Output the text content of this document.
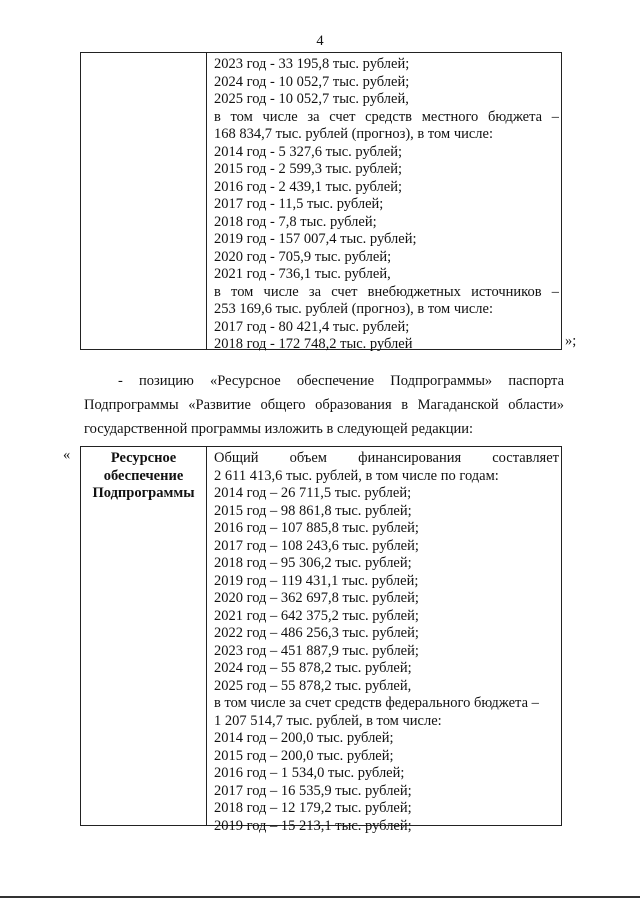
4
2023 год - 33 195,8 тыс. рублей;
2024 год - 10 052,7 тыс. рублей;
2025 год - 10 052,7 тыс. рублей,
в том числе за счет средств местного бюджета –
168 834,7 тыс. рублей (прогноз), в том числе:
2014 год - 5 327,6 тыс. рублей;
2015 год - 2 599,3 тыс. рублей;
2016 год - 2 439,1 тыс. рублей;
2017 год - 11,5 тыс. рублей;
2018 год - 7,8 тыс. рублей;
2019 год - 157 007,4 тыс. рублей;
2020 год - 705,9 тыс. рублей;
2021 год - 736,1 тыс. рублей,
в том числе за счет внебюджетных источников –
253 169,6 тыс. рублей (прогноз), в том числе:
2017 год - 80 421,4 тыс. рублей;
2018 год - 172 748,2 тыс. рублей	»;
- позицию «Ресурсное обеспечение Подпрограммы» паспорта
Подпрограммы «Развитие общего образования в Магаданской области»
государственной программы изложить в следующей редакции:
«	Ресурсное
обеспечение
Подпрограммы
Общий объем финансирования составляет
2 611 413,6 тыс. рублей, в том числе по годам:
2014 год – 26 711,5 тыс. рублей;
2015 год – 98 861,8 тыс. рублей;
2016 год – 107 885,8 тыс. рублей;
2017 год – 108 243,6 тыс. рублей;
2018 год – 95 306,2 тыс. рублей;
2019 год – 119 431,1 тыс. рублей;
2020 год – 362 697,8 тыс. рублей;
2021 год – 642 375,2 тыс. рублей;
2022 год – 486 256,3 тыс. рублей;
2023 год – 451 887,9 тыс. рублей;
2024 год – 55 878,2 тыс. рублей;
2025 год – 55 878,2 тыс. рублей,
в том числе за счет средств федерального бюджета –
1 207 514,7 тыс. рублей, в том числе:
2014 год – 200,0 тыс. рублей;
2015 год – 200,0 тыс. рублей;
2016 год – 1 534,0 тыс. рублей;
2017 год – 16 535,9 тыс. рублей;
2018 год – 12 179,2 тыс. рублей;
2019 год – 15 213,1 тыс. рублей;
